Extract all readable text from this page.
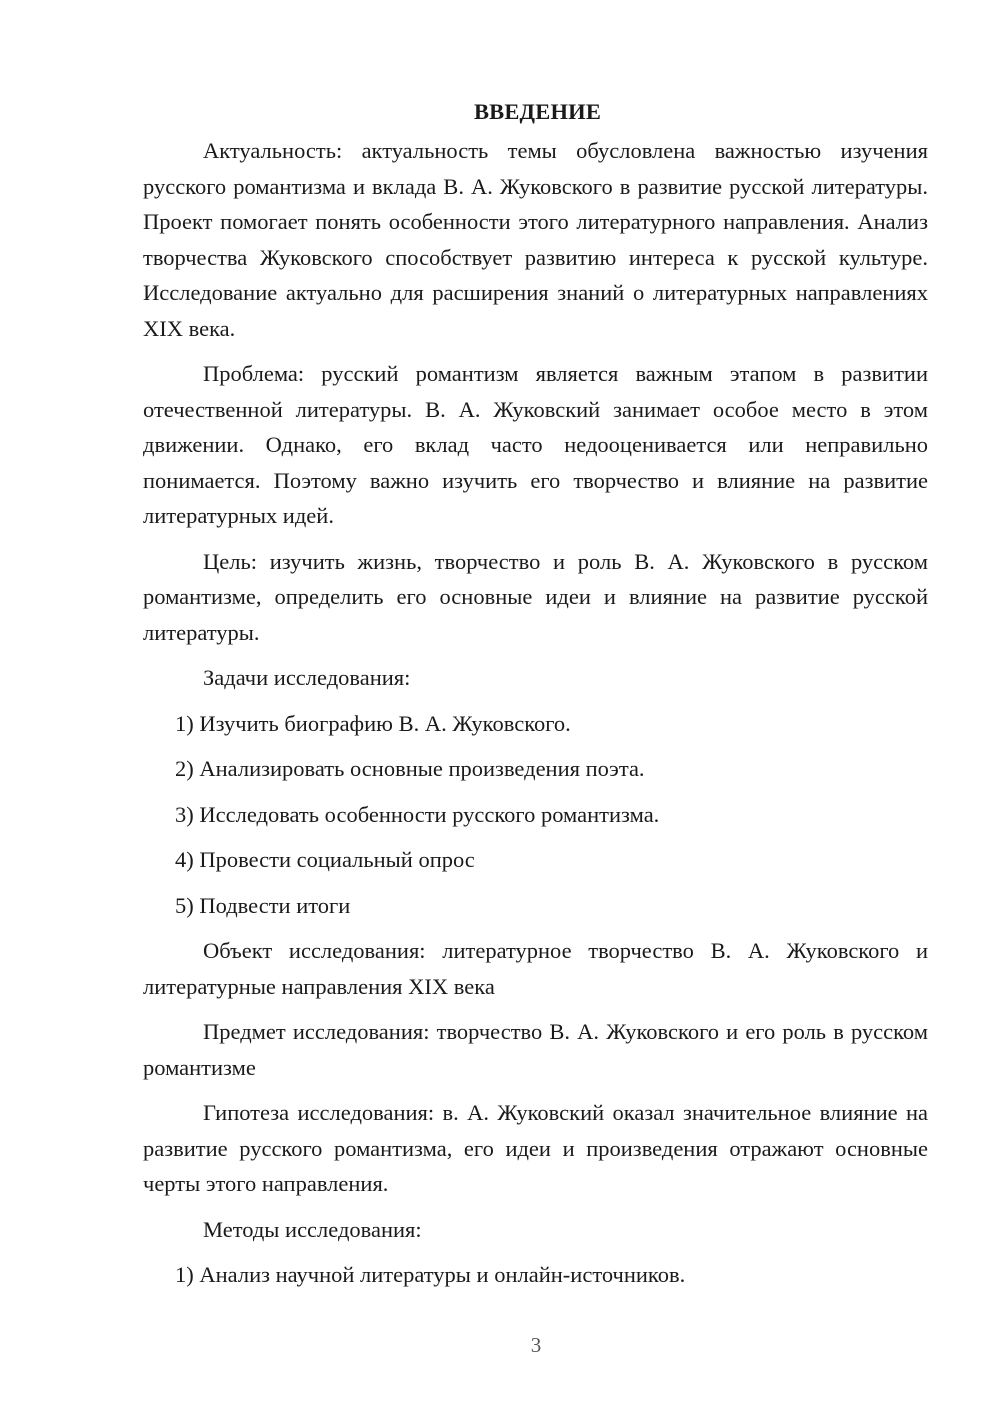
ВВЕДЕНИЕ

Актуальность: актуальность темы обусловлена важностью изучения русского романтизма и вклада В. А. Жуковского в развитие русской литературы. Проект помогает понять особенности этого литературного направления. Анализ творчества Жуковского способствует развитию интереса к русской культуре. Исследование актуально для расширения знаний о литературных направлениях XIX века.

Проблема: русский романтизм является важным этапом в развитии отечественной литературы. В. А. Жуковский занимает особое место в этом движении. Однако, его вклад часто недооценивается или неправильно понимается. Поэтому важно изучить его творчество и влияние на развитие литературных идей.

Цель: изучить жизнь, творчество и роль В. А. Жуковского в русском романтизме, определить его основные идеи и влияние на развитие русской литературы.

Задачи исследования:

1) Изучить биографию В. А. Жуковского.
2) Анализировать основные произведения поэта.
3) Исследовать особенности русского романтизма.
4) Провести социальный опрос
5) Подвести итоги

Объект исследования: литературное творчество В. А. Жуковского и литературные направления XIX века

Предмет исследования: творчество В. А. Жуковского и его роль в русском романтизме

Гипотеза исследования: в. А. Жуковский оказал значительное влияние на развитие русского романтизма, его идеи и произведения отражают основные черты этого направления.

Методы исследования:

1) Анализ научной литературы и онлайн-источников.
3
